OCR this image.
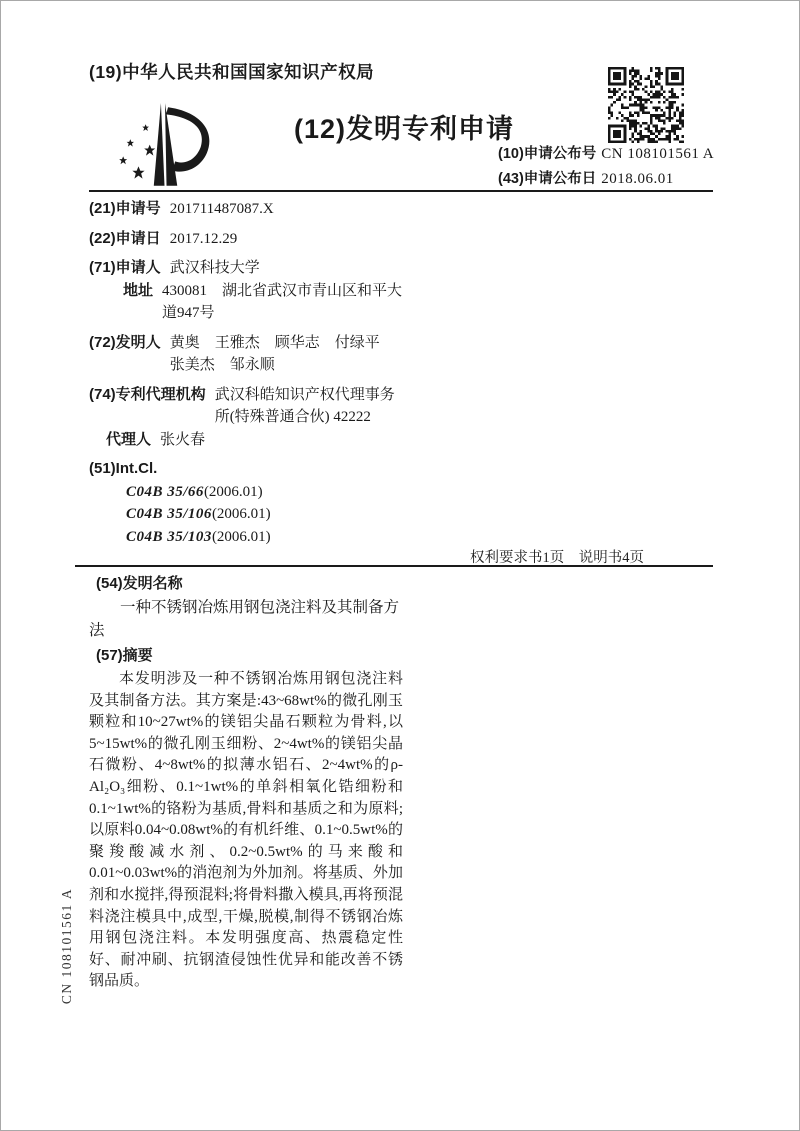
(19)中华人民共和国国家知识产权局
(12)发明专利申请
(10)申请公布号 CN 108101561 A
(43)申请公布日 2018.06.01
(21)申请号 201711487087.X
(22)申请日 2017.12.29
(71)申请人 武汉科技大学
地址 430081　湖北省武汉市青山区和平大道947号
(72)发明人 黄奥　王雅杰　顾华志　付绿平　张美杰　邹永顺
(74)专利代理机构 武汉科皓知识产权代理事务所(特殊普通合伙) 42222
代理人 张火春
(51)Int.Cl.
C04B 35/66(2006.01)
C04B 35/106(2006.01)
C04B 35/103(2006.01)
权利要求书1页　说明书4页
(54)发明名称

一种不锈钢冶炼用钢包浇注料及其制备方法

(57)摘要

本发明涉及一种不锈钢冶炼用钢包浇注料及其制备方法。其方案是:43~68wt%的微孔刚玉颗粒和10~27wt%的镁铝尖晶石颗粒为骨料,以5~15wt%的微孔刚玉细粉、2~4wt%的镁铝尖晶石微粉、4~8wt%的拟薄水铝石、2~4wt%的ρ-Al₂O₃细粉、0.1~1wt%的单斜相氧化锆细粉和0.1~1wt%的铬粉为基质,骨料和基质之和为原料;以原料0.04~0.08wt%的有机纤维、0.1~0.5wt%的聚羧酸减水剂、0.2~0.5wt%的马来酸和0.01~0.03wt%的消泡剂为外加剂。将基质、外加剂和水搅拌,得预混料;将骨料撒入模具,再将预混料浇注模具中,成型,干燥,脱模,制得不锈钢冶炼用钢包浇注料。本发明强度高、热震稳定性好、耐冲刷、抗钢渣侵蚀性优异和能改善不锈钢品质。

CN 108101561 A
